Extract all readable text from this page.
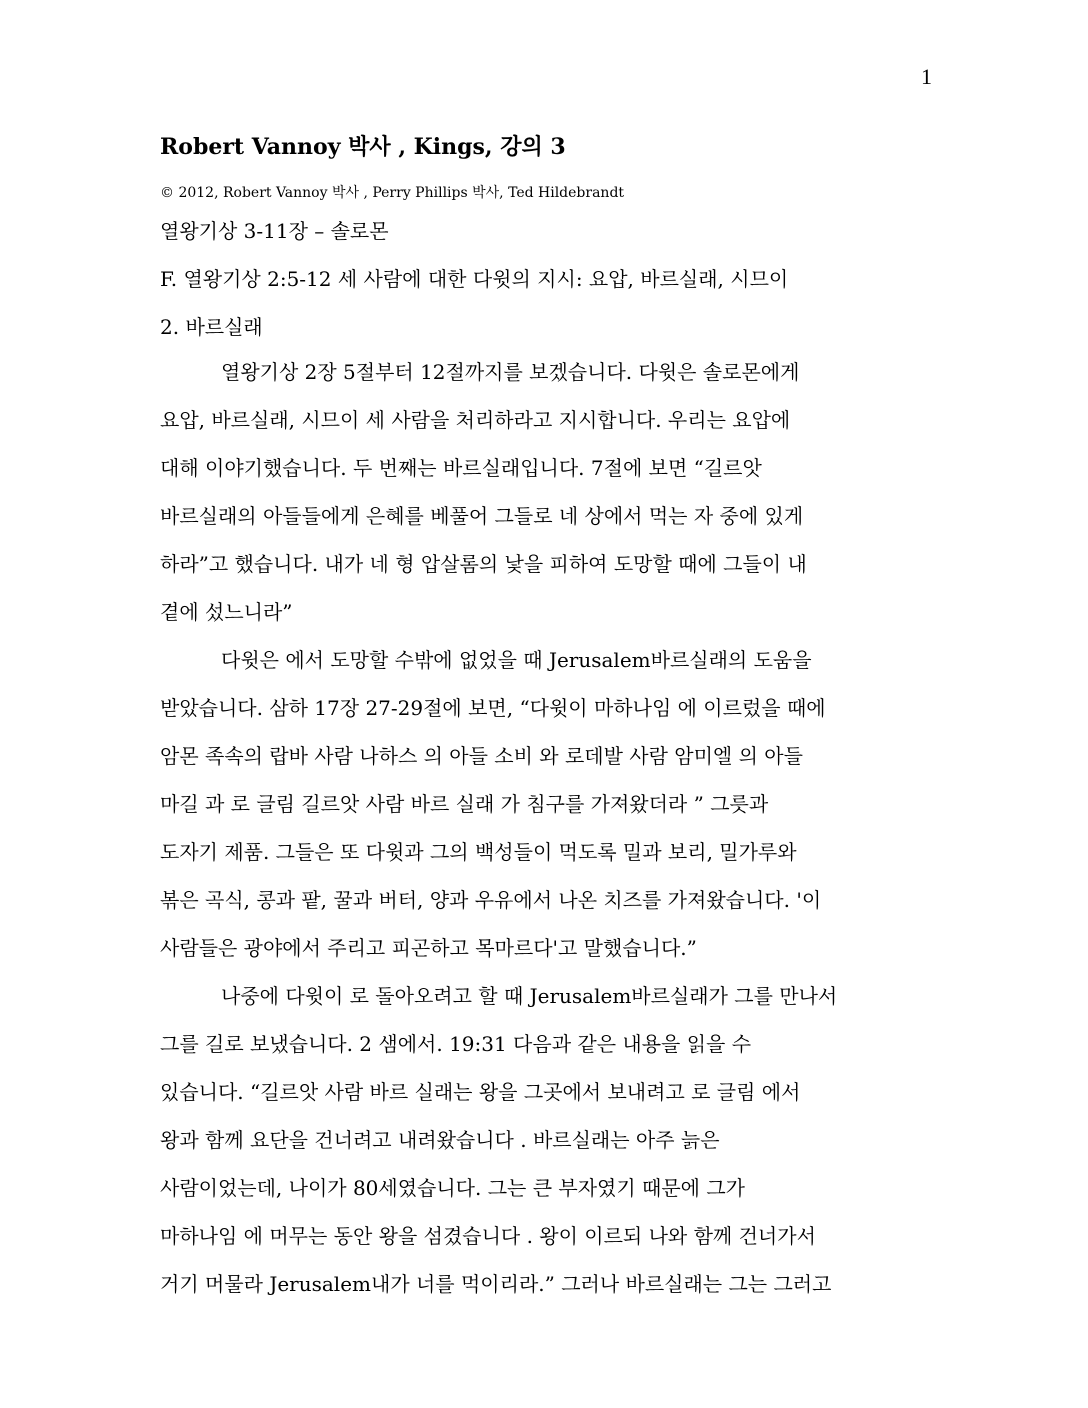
1
Robert Vannoy 박사 , Kings, 강의 3
© 2012, Robert Vannoy 박사 , Perry Phillips 박사, Ted Hildebrandt
열왕기상 3-11장 – 솔로몬
F. 열왕기상 2:5-12 세 사람에 대한 다윗의 지시: 요압, 바르실래, 시므이
2. 바르실래
열왕기상 2장 5절부터 12절까지를 보겠습니다. 다윗은 솔로몬에게
요압, 바르실래, 시므이 세 사람을 처리하라고 지시합니다. 우리는 요압에
대해 이야기했습니다. 두 번째는 바르실래입니다. 7절에 보면 “길르앗
바르실래의 아들들에게 은혜를 베풀어 그들로 네 상에서 먹는 자 중에 있게
하라”고 했습니다. 내가 네 형 압살롬의 낯을 피하여 도망할 때에 그들이 내
곁에 섰느니라”
다윗은 에서 도망할 수밖에 없었을 때 Jerusalem바르실래의 도움을
받았습니다. 삼하 17장 27-29절에 보면, “다윗이 마하나임 에 이르렀을 때에
암몬 족속의 랍바 사람 나하스 의 아들 소비 와 로데발 사람 암미엘 의 아들
마길 과 로 글림 길르앗 사람 바르 실래 가 침구를 가져왔더라 ” 그릇과
도자기 제품. 그들은 또 다윗과 그의 백성들이 먹도록 밀과 보리, 밀가루와
볶은 곡식, 콩과 팥, 꿀과 버터, 양과 우유에서 나온 치즈를 가져왔습니다. '이
사람들은 광야에서 주리고 피곤하고 목마르다'고 말했습니다.”
나중에 다윗이 로 돌아오려고 할 때 Jerusalem바르실래가 그를 만나서
그를 길로 보냈습니다. 2 샘에서. 19:31 다음과 같은 내용을 읽을 수
있습니다. “길르앗 사람 바르 실래는 왕을 그곳에서 보내려고 로 글림 에서
왕과 함께 요단을 건너려고 내려왔습니다 . 바르실래는 아주 늙은
사람이었는데, 나이가 80세였습니다. 그는 큰 부자였기 때문에 그가
마하나임 에 머무는 동안 왕을 섬겼습니다 . 왕이 이르되 나와 함께 건너가서
거기 머물라 Jerusalem내가 너를 먹이리라.” 그러나 바르실래는 그는 그러고
